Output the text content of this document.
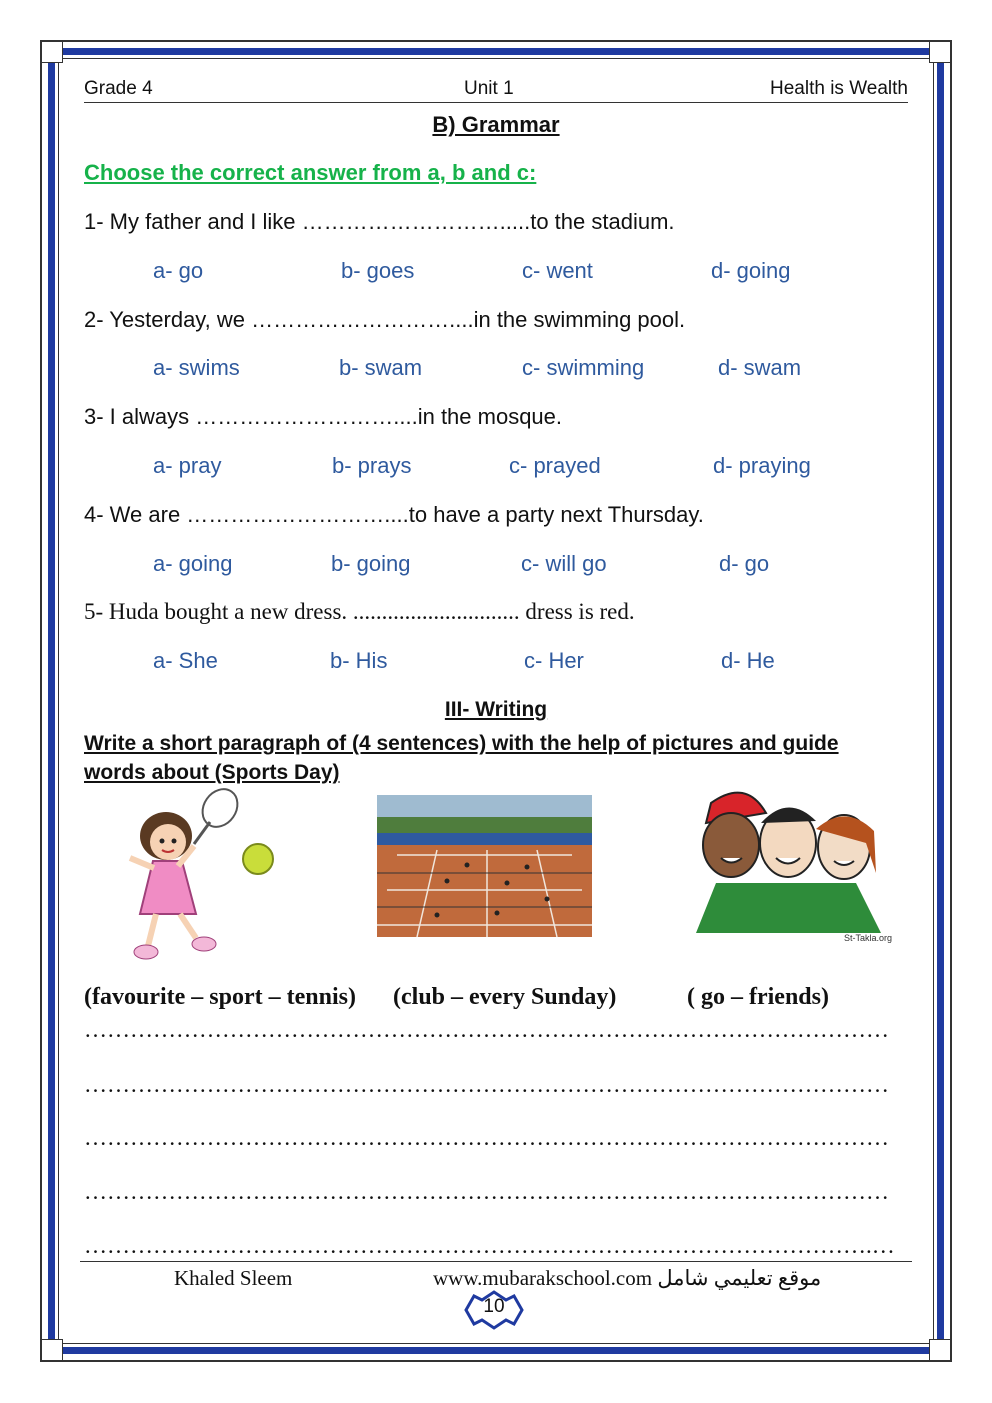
Grade 4	Unit 1	Health is Wealth
B) Grammar
Choose the correct answer from a, b and c:
1- My father and I like ……………………….....to the stadium.
a- go	b- goes	c- went	d- going
2- Yesterday, we ………………………....in the swimming pool.
a- swims	b- swam	c- swimming	d- swam
3- I always ………………………....in the mosque.
a- pray	b- prays	c- prayed	d- praying
4- We are ………………………....to have a party next Thursday.
a- going	b- going	c- will go	d- go
5- Huda bought a new dress. ............................. dress is red.
a- She	b- His	c- Her	d- He
III- Writing
Write a short paragraph of (4 sentences) with the help of pictures and guide words about (Sports Day)
St-Takla.org
(favourite – sport – tennis) (club – every Sunday)	( go – friends)
……………………………………………………………………………………………
……………………………………………………………………………………………
……………………………………………………………………………………………
……………………………………………………………………………………………
………………………………………………………………………………………….…
Khaled Sleem	www.mubarakschool.com موقع تعليمي شامل
10
